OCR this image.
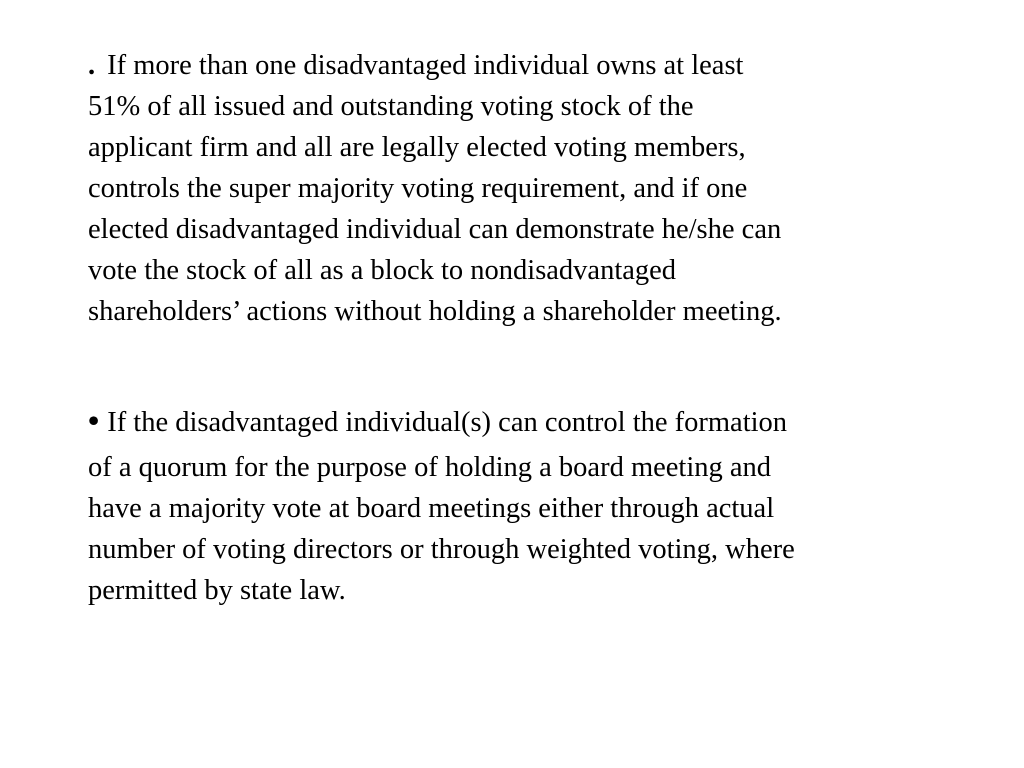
. If more than one disadvantaged individual owns at least
51% of all issued and outstanding voting stock of the
applicant firm and all are legally elected voting members,
controls the super majority voting requirement, and if one
elected disadvantaged individual can demonstrate he/she can
vote the stock of all as a block to nondisadvantaged
shareholders’ actions without holding a shareholder meeting.

• If the disadvantaged individual(s) can control the formation
of a quorum for the purpose of holding a board meeting and
have a majority vote at board meetings either through actual
number of voting directors or through weighted voting, where
permitted by state law.
